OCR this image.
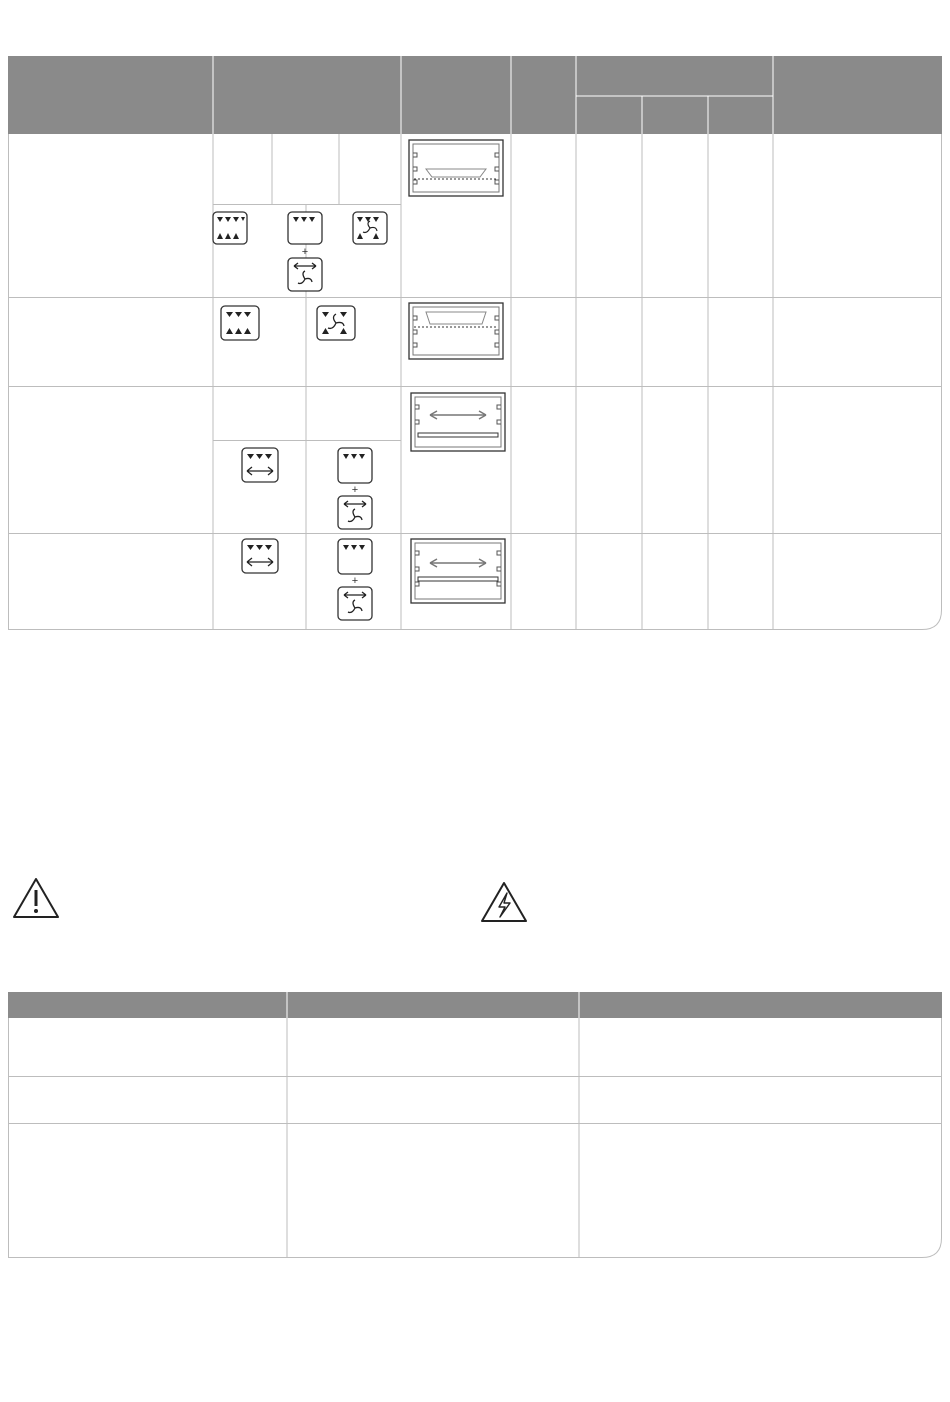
+
+
+
